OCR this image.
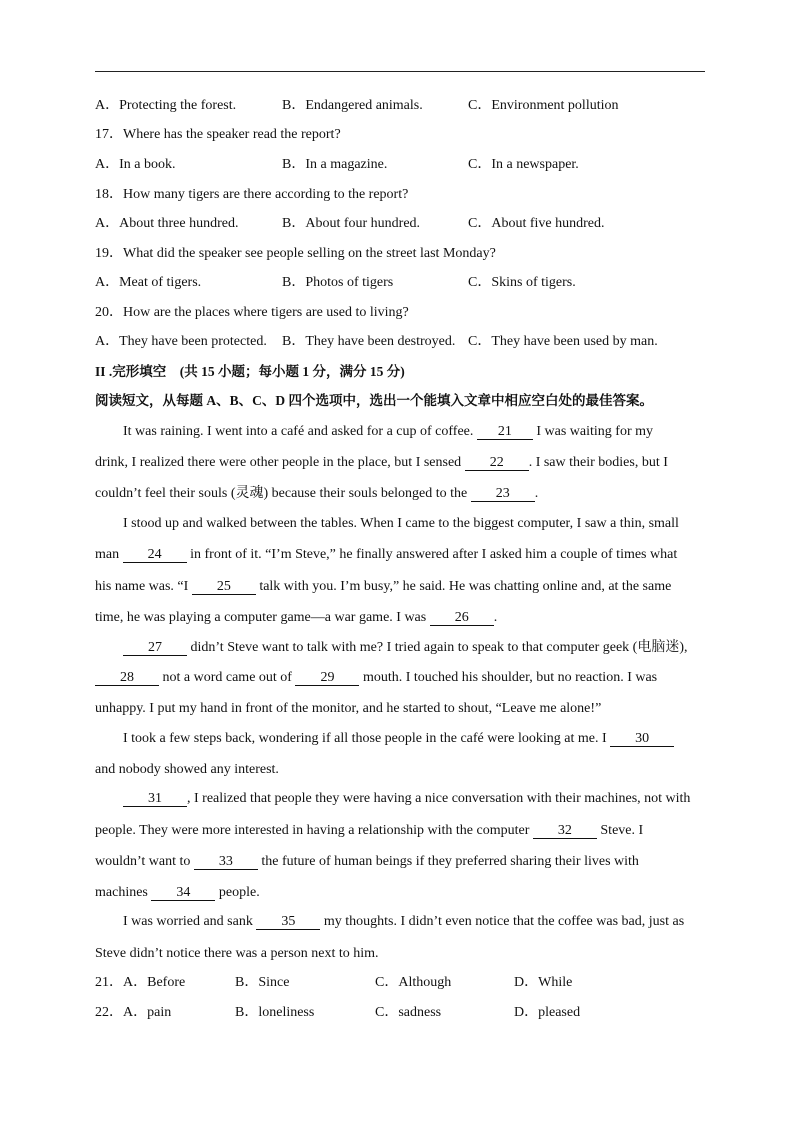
A．Protecting the forest.	B．Endangered animals.	C．Environment pollution
17．Where has the speaker read the report?
A．In a book.	B．In a magazine.	C．In a newspaper.
18．How many tigers are there according to the report?
A．About three hundred.	B．About four hundred.	C．About five hundred.
19．What did the speaker see people selling on the street last Monday?
A．Meat of tigers.	B．Photos of tigers	C．Skins of tigers.
20．How are the places where tigers are used to living?
A．They have been protected. B．They have been destroyed. C．They have been used by man.
II .完形填空　(共 15 小题；每小题 1 分，满分 15 分)
阅读短文，从每题 A、B、C、D 四个选项中，选出一个能填入文章中相应空白处的最佳答案。
It was raining. I went into a café and asked for a cup of coffee. 21 I was waiting for my
drink, I realized there were other people in the place, but I sensed 22 . I saw their bodies, but I
couldn’t feel their souls (灵魂) because their souls belonged to the 23 .
I stood up and walked between the tables. When I came to the biggest computer, I saw a thin, small
man 24 in front of it. “I’m Steve,” he finally answered after I asked him a couple of times what
his name was. “I 25 talk with you. I’m busy,” he said. He was chatting online and, at the same
time, he was playing a computer game—a war game. I was 26 .
27 didn’t Steve want to talk with me? I tried again to speak to that computer geek (电脑迷),
28 not a word came out of 29 mouth. I touched his shoulder, but no reaction. I was
unhappy. I put my hand in front of the monitor, and he started to shout, “Leave me alone!”
I took a few steps back, wondering if all those people in the café were looking at me. I 30
and nobody showed any interest.
31 , I realized that people they were having a nice conversation with their machines, not with
people. They were more interested in having a relationship with the computer 32 Steve. I
wouldn’t want to 33 the future of human beings if they preferred sharing their lives with
machines 34 people.
I was worried and sank 35 my thoughts. I didn’t even notice that the coffee was bad, just as
Steve didn’t notice there was a person next to him.
21． A．Before	B．Since	C．Although	D．While
22． A．pain	B．loneliness	C．sadness	D．pleased
